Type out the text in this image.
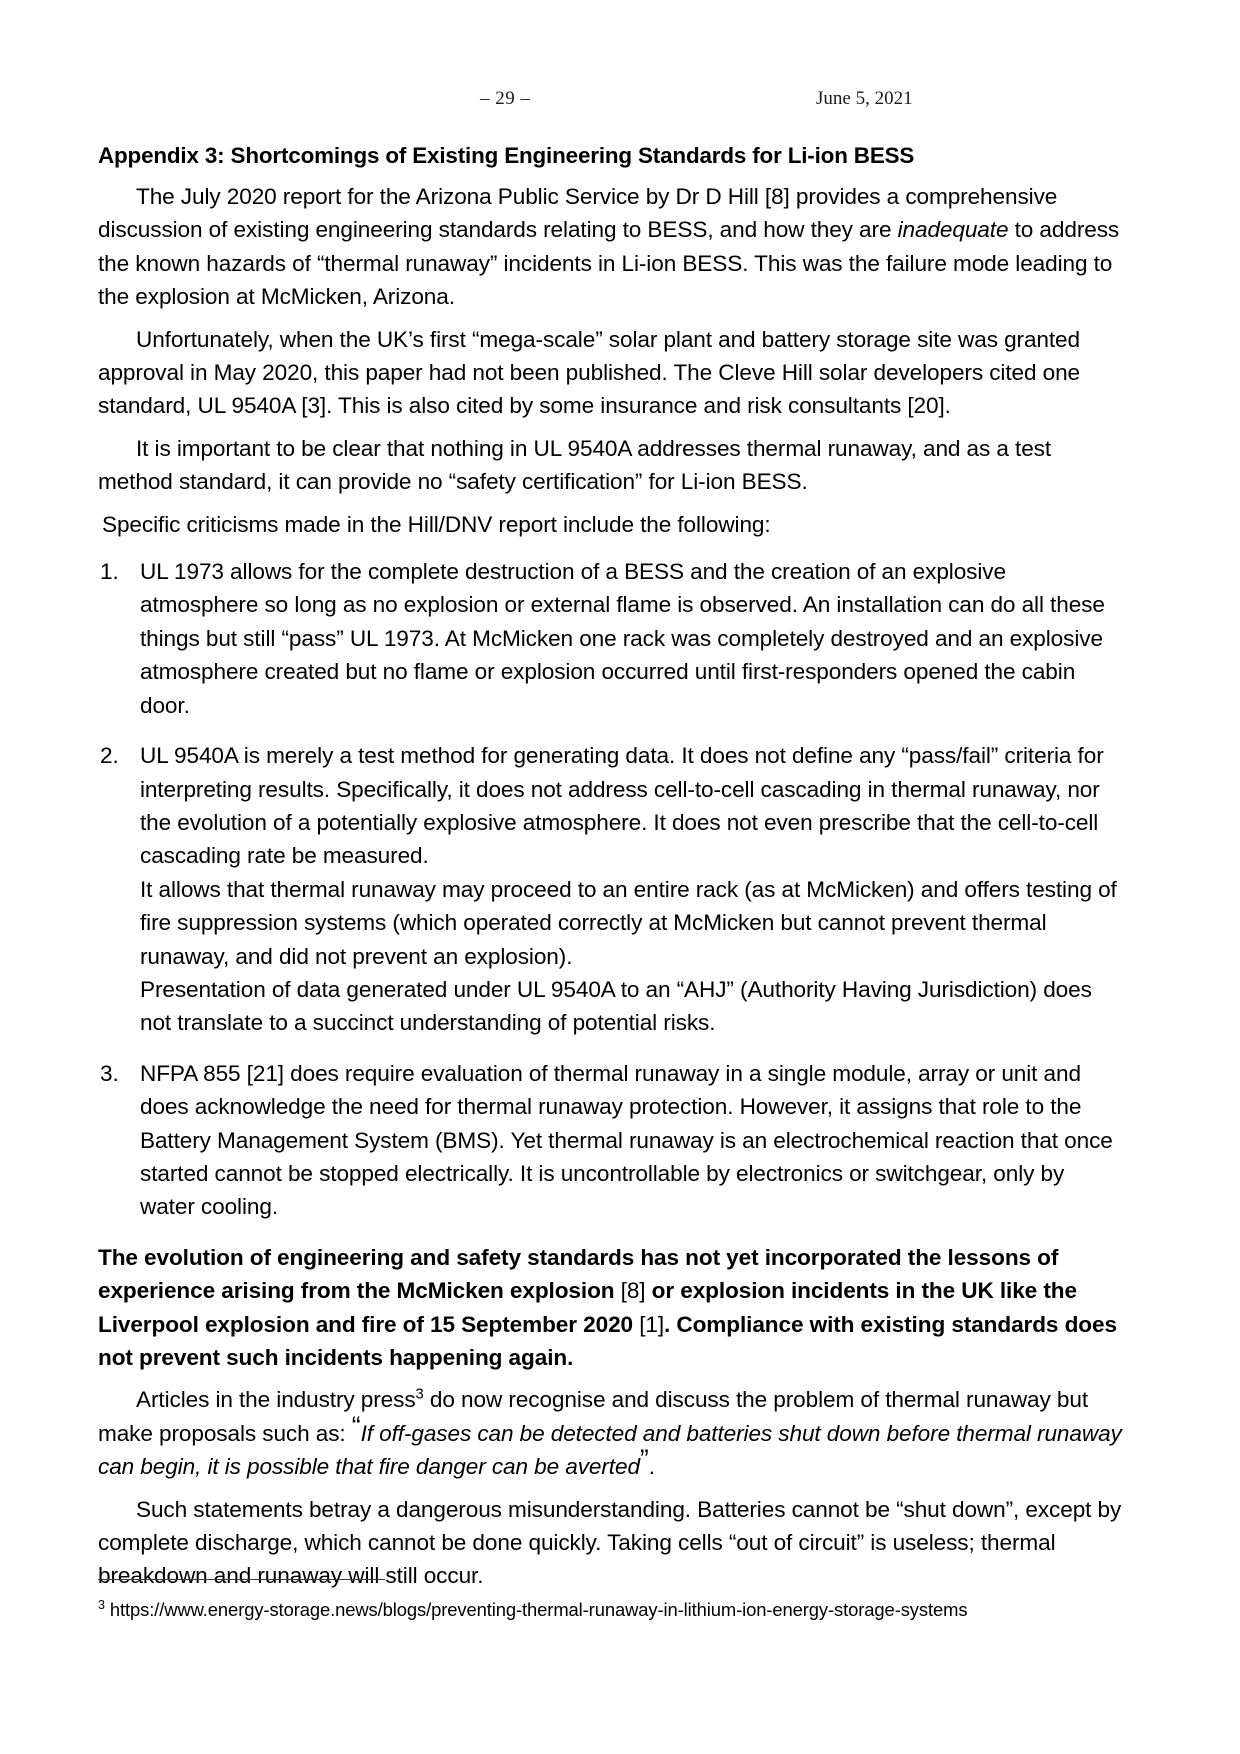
– 29 –	June 5, 2021
Appendix 3: Shortcomings of Existing Engineering Standards for Li-ion BESS

The July 2020 report for the Arizona Public Service by Dr D Hill [8] provides a comprehensive discussion of existing engineering standards relating to BESS, and how they are inadequate to address the known hazards of “thermal runaway” incidents in Li-ion BESS. This was the failure mode leading to the explosion at McMicken, Arizona.

Unfortunately, when the UK’s first “mega-scale” solar plant and battery storage site was granted approval in May 2020, this paper had not been published. The Cleve Hill solar developers cited one standard, UL 9540A [3]. This is also cited by some insurance and risk consultants [20].

It is important to be clear that nothing in UL 9540A addresses thermal runaway, and as a test method standard, it can provide no “safety certification” for Li-ion BESS.

Specific criticisms made in the Hill/DNV report include the following:

UL 1973 allows for the complete destruction of a BESS and the creation of an explosive atmosphere so long as no explosion or external flame is observed. An installation can do all these things but still “pass” UL 1973. At McMicken one rack was completely destroyed and an explosive atmosphere created but no flame or explosion occurred until first-responders opened the cabin door.

UL 9540A is merely a test method for generating data. It does not define any “pass/fail” criteria for interpreting results. Specifically, it does not address cell-to-cell cascading in thermal runaway, nor the evolution of a potentially explosive atmosphere. It does not even prescribe that the cell-to-cell cascading rate be measured.

It allows that thermal runaway may proceed to an entire rack (as at McMicken) and offers testing of fire suppression systems (which operated correctly at McMicken but cannot prevent thermal runaway, and did not prevent an explosion).

Presentation of data generated under UL 9540A to an “AHJ” (Authority Having Jurisdiction) does not translate to a succinct understanding of potential risks.

NFPA 855 [21] does require evaluation of thermal runaway in a single module, array or unit and does acknowledge the need for thermal runaway protection. However, it assigns that role to the Battery Management System (BMS). Yet thermal runaway is an electrochemical reaction that once started cannot be stopped electrically. It is uncontrollable by electronics or switchgear, only by water cooling.

The evolution of engineering and safety standards has not yet incorporated the lessons of experience arising from the McMicken explosion [8] or explosion incidents in the UK like the Liverpool explosion and fire of 15 September 2020 [1]. Compliance with existing standards does not prevent such incidents happening again.

Articles in the industry press$^3$ do now recognise and discuss the problem of thermal runaway but make proposals such as: “If off-gases can be detected and batteries shut down before thermal runaway can begin, it is possible that fire danger can be averted”.

Such statements betray a dangerous misunderstanding. Batteries cannot be “shut down”, except by complete discharge, which cannot be done quickly. Taking cells “out of circuit” is useless; thermal breakdown and runaway will still occur.

$^3$ https://www.energy-storage.news/blogs/preventing-thermal-runaway-in-lithium-ion-energy-storage-systems
